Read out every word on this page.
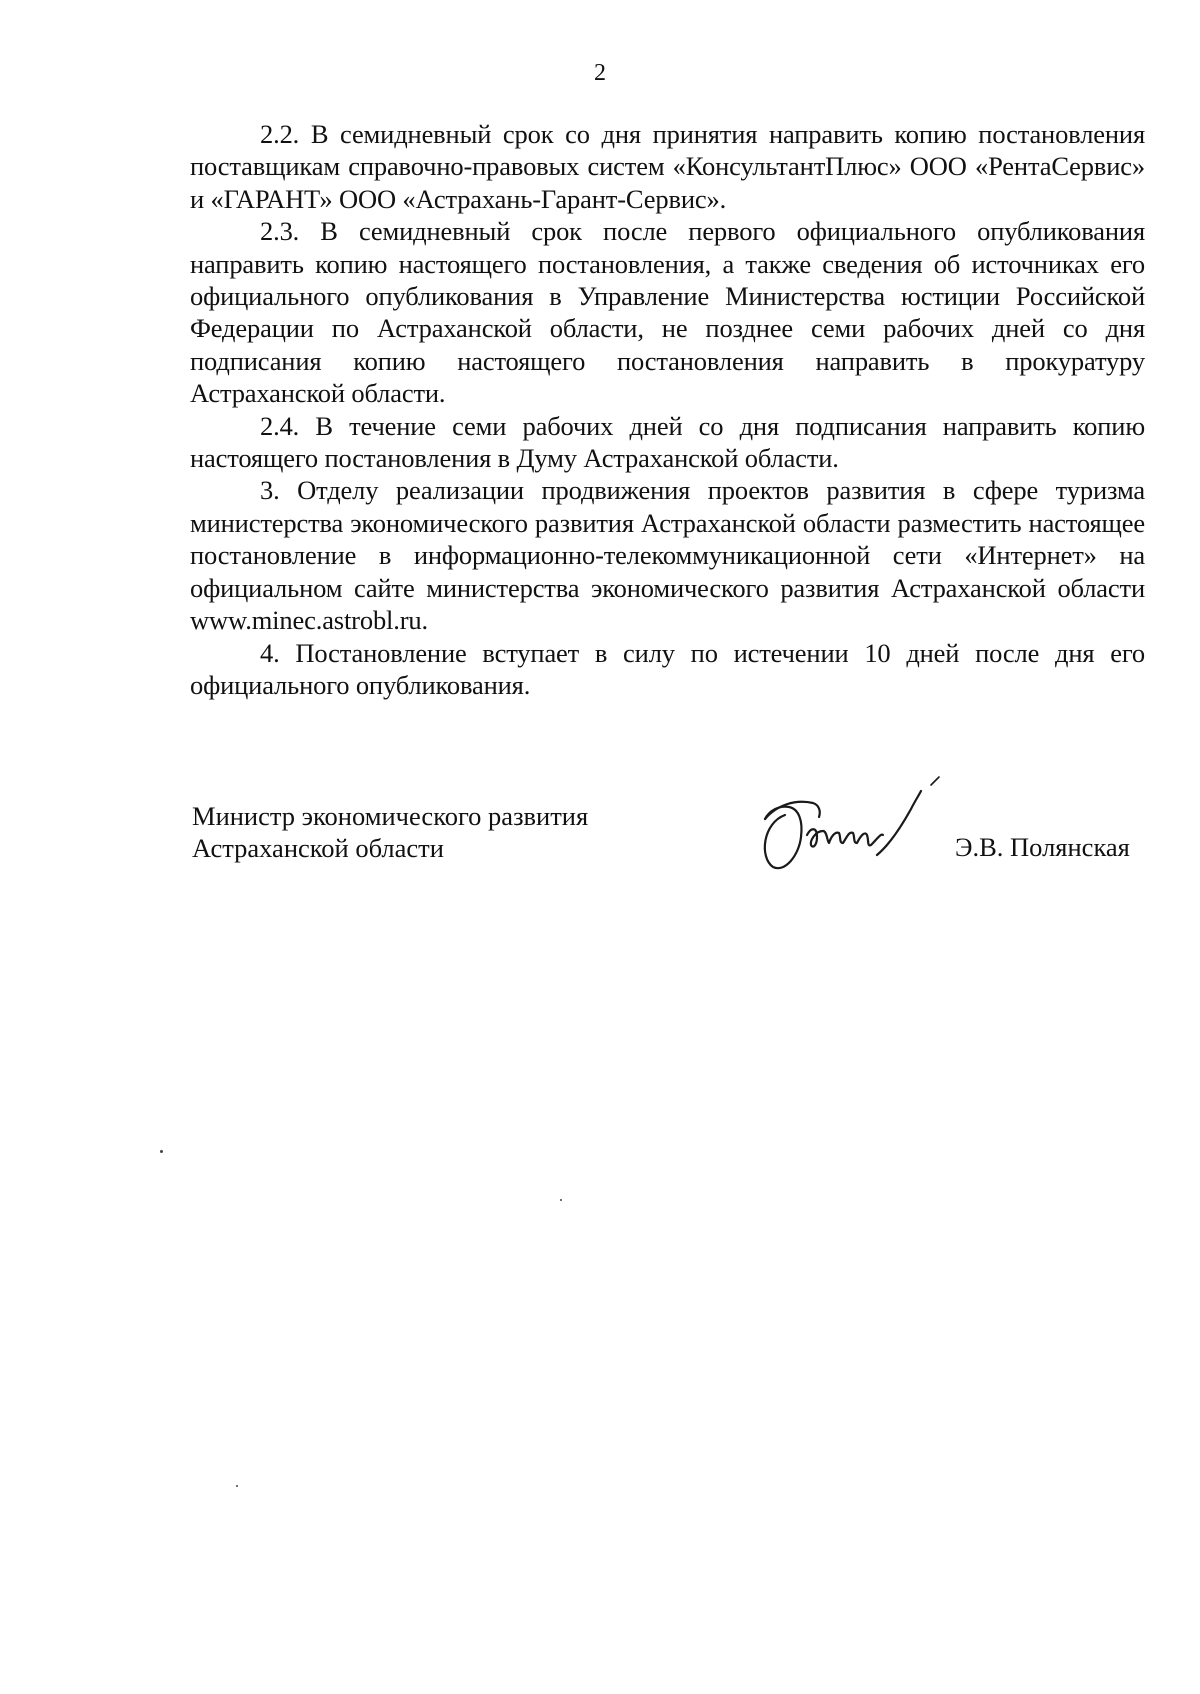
2

2.2. В семидневный срок со дня принятия направить копию постановления поставщикам справочно-правовых систем «КонсультантПлюс» ООО «РентаСервис» и «ГАРАНТ» ООО «Астрахань-Гарант-Сервис».

2.3. В семидневный срок после первого официального опубликования направить копию настоящего постановления, а также сведения об источниках его официального опубликования в Управление Министерства юстиции Российской Федерации по Астраханской области, не позднее семи рабочих дней со дня подписания копию настоящего постановления направить в прокуратуру Астраханской области.

2.4. В течение семи рабочих дней со дня подписания направить копию настоящего постановления в Думу Астраханской области.

3. Отделу реализации продвижения проектов развития в сфере туризма министерства экономического развития Астраханской области разместить настоящее постановление в информационно-телекоммуникационной сети «Интернет» на официальном сайте министерства экономического развития Астраханской области www.minec.astrobl.ru.

4. Постановление вступает в силу по истечении 10 дней после дня его официального опубликования.

Министр экономического развития
Астраханской области	Э.В. Полянская
